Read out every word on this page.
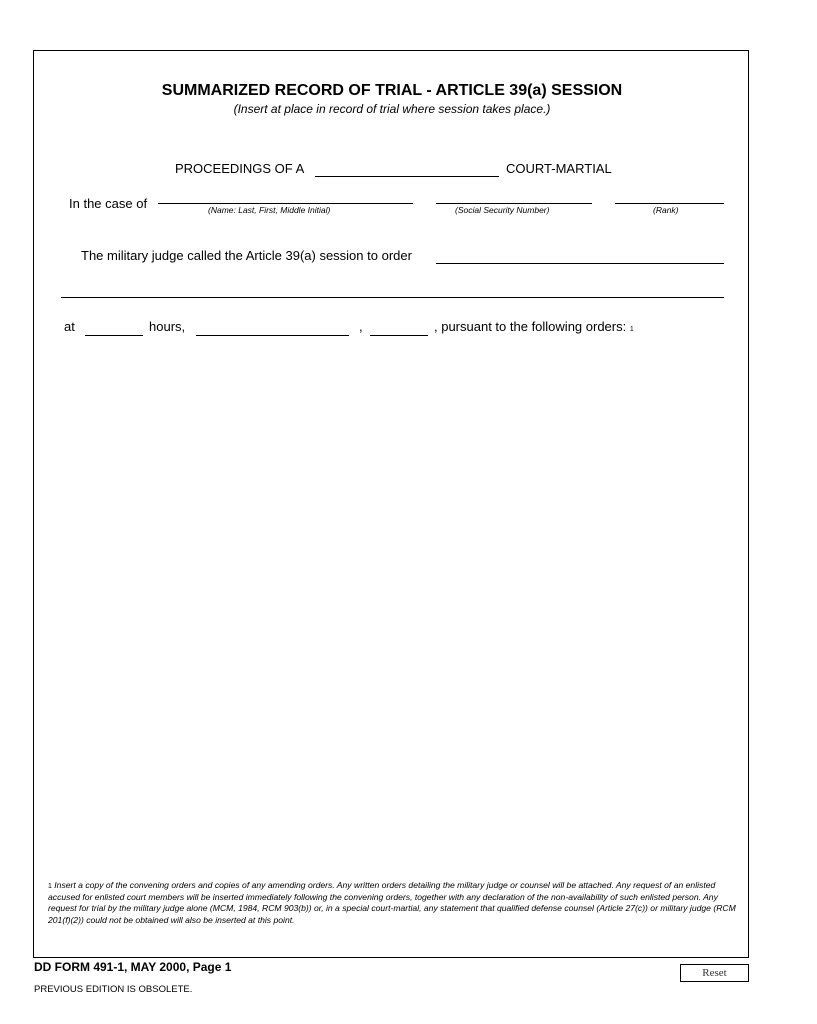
SUMMARIZED RECORD OF TRIAL - ARTICLE 39(a) SESSION
(Insert at place in record of trial where session takes place.)
PROCEEDINGS OF A	COURT-MARTIAL
In the case of	(Name: Last, First, Middle Initial)	(Social Security Number)	(Rank)
The military judge called the Article 39(a) session to order
at	hours,	,	, pursuant to the following orders: 1
1 Insert a copy of the convening orders and copies of any amending orders. Any written orders detailing the military judge or counsel will be attached. Any request of an enlisted accused for enlisted court members will be inserted immediately following the convening orders, together with any declaration of the non-availability of such enlisted person. Any request for trial by the military judge alone (MCM, 1984, RCM 903(b)) or, in a special court-martial, any statement that qualified defense counsel (Article 27(c)) or military judge (RCM 201(f)(2)) could not be obtained will also be inserted at this point.
DD FORM 491-1, MAY 2000, Page 1
PREVIOUS EDITION IS OBSOLETE.
Reset
